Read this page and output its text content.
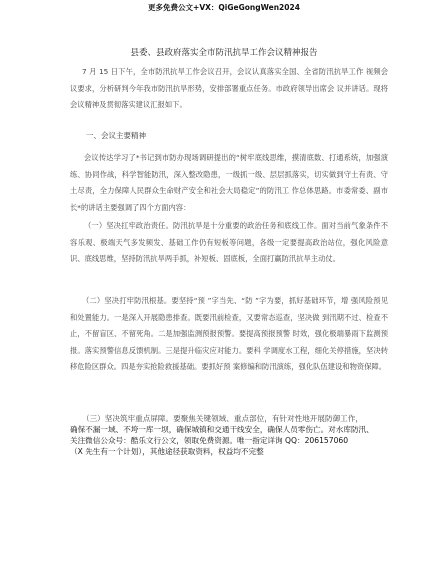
更多免费公文+VX：QiGeGongWen2024
县委、县政府落实全市防汛抗旱工作会议精神报告
7 月 15 日下午，全市防汛抗旱工作会议召开，会议认真落实全国、全省防汛抗旱工作 视频会议要求，分析研判今年我市防汛抗旱形势，安排部署重点任务。市政府领导出席会 议并讲话。现将会议精神及贯彻落实建议汇报如下。
一、会议主要精神
会议传达学习了*书记到市防办现场调研提出的“树牢底线思维，摸清底数、打通系统，加强演练、协同作战，科学智能防汛，深入整改隐患，一级抓一级、层层抓落实，切实做到守土有责、守土尽责，全力保障人民群众生命财产安全和社会大局稳定”的防汛工 作总体思路。市委常委、副市长*的讲话主要强调了四个方面内容：
（一）坚决扛牢政治责任。防汛抗旱是十分重要的政治任务和底线工作。面对当前气象条件不容乐观、极端天气多发频发、基础工作仍有短板等问题，各级一定要提高政治站位，强化风险意识、底线思维，坚持防汛抗旱两手抓，补短板、固底板，全面打赢防汛抗旱主动仗。
（二）坚决打牢防汛根基。要坚持“预 ”字当先、“防 ”字为要，抓好基础环节，增 强风险预见和处置能力。一是深入开展隐患排查。既要汛前检查，又要常态巡查，坚决做 到汛期不过、检查不止，不留盲区、不留死角。二是加强监测预报预警。要提高预报预警 时效，强化极端暴雨下监测预报。落实预警信息反馈机制。三是提升临灾应对能力。要科 学调度水工程，细化关停措施，坚决转移危险区群众。四是夯实抢险救援基础。要抓好预 案修编和防汛演练，强化队伍建设和物资保障。
（三）坚决筑牢重点屏障。要聚焦关键领域、重点部位，有针对性地开展防御工作，
确保不漏一域、不垮一库一坝，确保城镇和交通干线安全，确保人员零伤亡。对水库防汛、
关注微信公众号：酷乐文行公文，领取免费资源。唯一指定详询 QQ：206157060
（X 先生有一个计划），其他途径获取资料，权益均不完整
